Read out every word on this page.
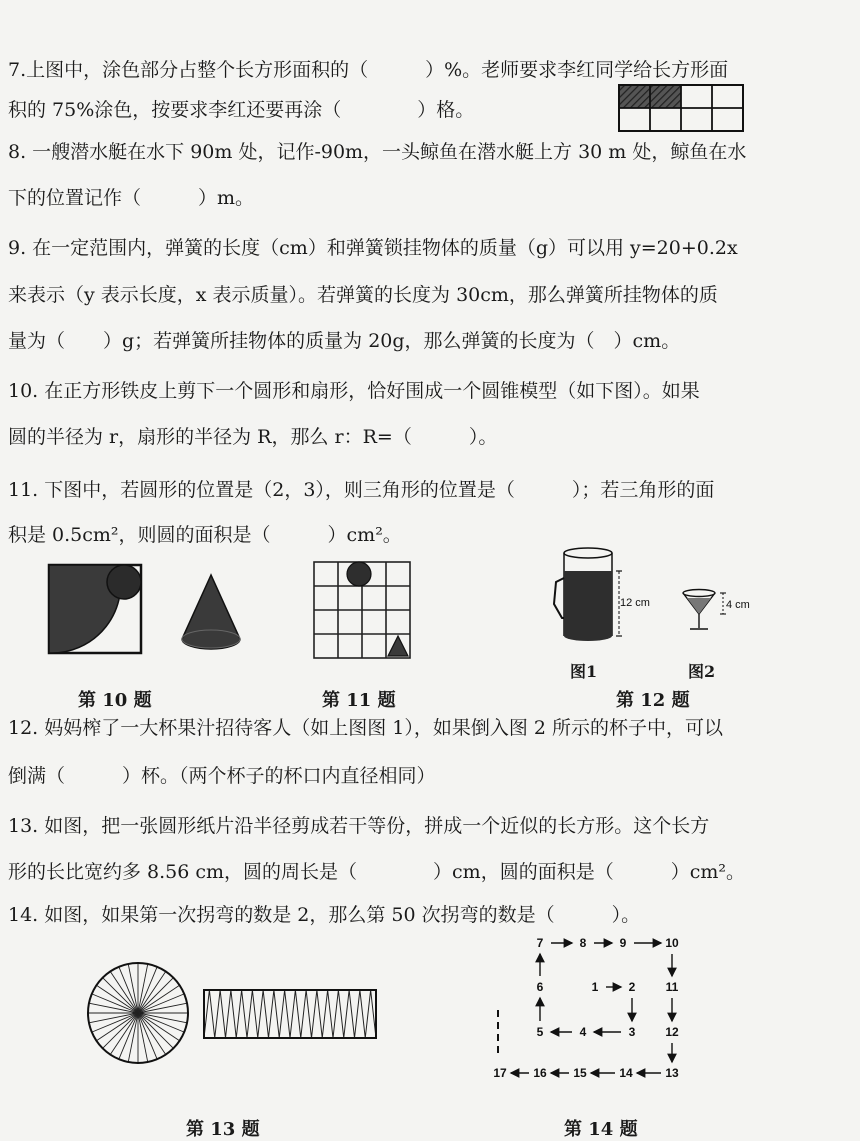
7.上图中，涂色部分占整个长方形面积的（　　　）%。老师要求李红同学给长方形面

积的 75%涂色，按要求李红还要再涂（　　　　）格。

8. 一艘潜水艇在水下 90m 处，记作-90m，一头鲸鱼在潜水艇上方 30 m 处，鲸鱼在水

下的位置记作（　　　）m。

9. 在一定范围内，弹簧的长度（cm）和弹簧锁挂物体的质量（g）可以用 y=20+0.2x

来表示（y 表示长度，x 表示质量）。若弹簧的长度为 30cm，那么弹簧所挂物体的质

量为（　　）g；若弹簧所挂物体的质量为 20g，那么弹簧的长度为（　）cm。

10. 在正方形铁皮上剪下一个圆形和扇形，恰好围成一个圆锥模型（如下图）。如果

圆的半径为 r，扇形的半径为 R，那么 r：R=（　　　）。

11. 下图中，若圆形的位置是（2，3），则三角形的位置是（　　　）；若三角形的面

积是 0.5cm²，则圆的面积是（　　　）cm²。

第 10 题	第 11 题

12 cm	4 cm

图1	图2

第 12 题

12. 妈妈榨了一大杯果汁招待客人（如上图图 1），如果倒入图 2 所示的杯子中，可以

倒满（　　　）杯。（两个杯子的杯口内直径相同）

13. 如图，把一张圆形纸片沿半径剪成若干等份，拼成一个近似的长方形。这个长方

形的长比宽约多 8.56 cm，圆的周长是（　　　　）cm，圆的面积是（　　　）cm²。

14. 如图，如果第一次拐弯的数是 2，那么第 50 次拐弯的数是（　　　）。

第 13 题

1	2
3
4
5
6
7	8	9	10
11
12
13
14
15
16
17

第 14 题
